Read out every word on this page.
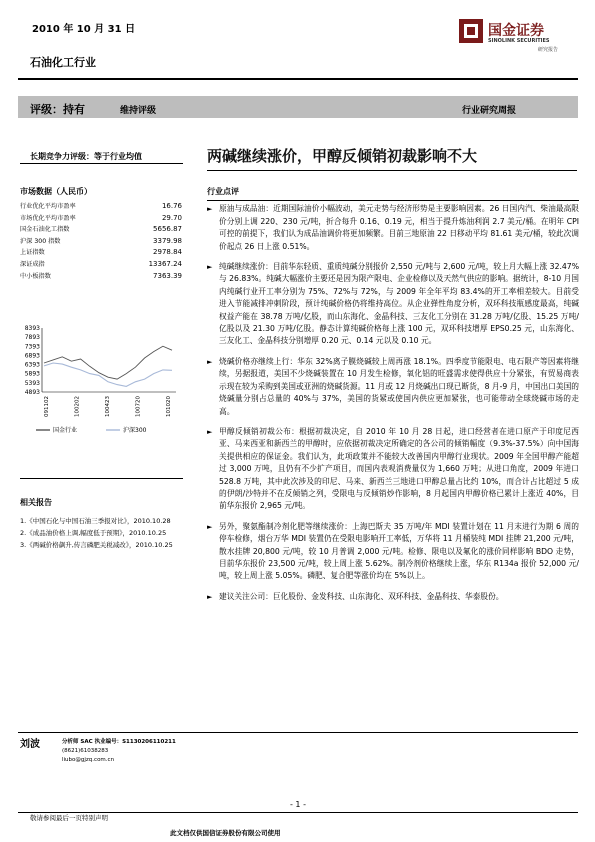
2010 年 10 月 31 日	国金证券
SINOLINK SECURITIES
研究报告
石油化工行业
评级：持有	维持评级	行业研究周报
长期竞争力评级：等于行业均值
市场数据（人民币）
行业优化平均市盈率	16.76
市场优化平均市盈率	29.70
国金石油化工指数	5656.87
沪深 300 指数	3379.98
上证指数	2978.84
深证成指	13367.24
中小板指数	7363.39
8393
7893
7393
6893
6393
5893
5393
4893
091102	100202	100423	100720	101020
国金行业	沪深300
相关报告
1.《中国石化与中国石油三季报对比》，2010.10.28
2.《成品油价格上调,幅度低于预期》，2010.10.25
3.《两碱价格飙升,传言磷肥关税减改》，2010.10.25
两碱继续涨价，甲醇反倾销初裁影响不大
行业点评
► 原油与成品油：近期国际油价小幅波动，美元走势与经济形势是主要影响因素。26 日国内汽、柴油最高限价分别上调 220、230 元/吨，折合每升 0.16、0.19 元，相当于提升炼油利润 2.7 美元/桶。在明年 CPI 可控的前提下，我们认为成品油调价将更加频繁。目前三地原油 22 日移动平均 81.61 美元/桶，较此次调价起点 26 日上涨 0.51%。
► 纯碱继续涨价：目前华东轻质、重质纯碱分别报价 2,550 元/吨与 2,600 元/吨，较上月大幅上涨 32.47%与 26.83%。纯碱大幅涨价主要还是因为限产限电、企业检修以及天然气供应的影响。据统计，8-10 月国内纯碱行业开工率分别为 75%、72%与 72%，与 2009 年全年平均 83.4%的开工率相差较大。目前受进入节能减排冲刺阶段，预计纯碱价格仍将维持高位。从企业弹性角度分析，双环科技瓶感度最高，纯碱权益产能在 38.78 万吨/亿股，而山东海化、金晶科技、三友化工分别在 31.28 万吨/亿股、15.25 万吨/亿股以及 21.30 万吨/亿股。静态计算纯碱价格每上涨 100 元，双环科技增厚 EPS0.25 元，山东海化、三友化工、金晶科技分别增厚 0.20 元、0.14 元以及 0.10 元。
► 烧碱价格亦继续上行：华东 32%离子膜烧碱较上周再涨 18.1%。四季度节能限电、电石限产等因素将继续，另据报道，美国不少烧碱装置在 10 月发生检修，氧化铝的旺盛需求使得供应十分紧张，有贸易商表示现在较为采购到美国或亚洲的烧碱货源。11 月或 12 月烧碱出口现已断货，8 月-9 月，中国出口美国的烧碱量分别占总量的 40%与 37%，美国的货紧或使国内供应更加紧张，也可能带动全球烧碱市场的走高。
► 甲醇反倾销初裁公布：根据初裁决定，自 2010 年 10 月 28 日起，进口经营者在进口原产于印度尼西亚、马来西亚和新西兰的甲醇时，应依据初裁决定所确定的各公司的倾销幅度（9.3%-37.5%）向中国海关提供相应的保证金。我们认为，此项政策并不能较大改善国内甲醇行业现状。2009 年全国甲醇产能超过 3,000 万吨，且仍有不少扩产项目，而国内表观消费量仅为 1,660 万吨；从进口角度，2009 年进口 528.8 万吨，其中此次涉及的印尼、马来、新西兰三地进口甲醇总量占比约 10%，而合计占比超过 5 成的伊朗/沙特并不在反倾销之列，受限电与反倾销炒作影响，8 月起国内甲醇价格已累计上涨近 40%，目前华东报价 2,965 元/吨。
► 另外，聚氨酯制冷剂化肥等继续涨价：上海巴斯夫 35 万吨/年 MDI 装置计划在 11 月末进行为期 6 周的停车检修，烟台万华 MDI 装置仍在受限电影响开工率低，万华将 11 月桶装纯 MDI 挂牌 21,200 元/吨，散水挂牌 20,800 元/吨，较 10 月普调 2,000 元/吨。检修、限电以及氟化的涨价同样影响 BDO 走势，目前华东报价 23,500 元/吨，较上周上涨 5.62%。制冷剂价格继续上涨，华东 R134a 报价 52,000 元/吨，较上周上涨 5.05%。磷肥、复合肥等涨价均在 5%以上。
► 建议关注公司：巨化股份、金发科技、山东海化、双环科技、金晶科技、华泰股份。
刘波	分析师 SAC 执业编号：S1130206110211
(8621)61038283
liubo@gjzq.com.cn
- 1 -
敬请参阅最后一页特别声明
此文档仅供国信证券股份有限公司使用
